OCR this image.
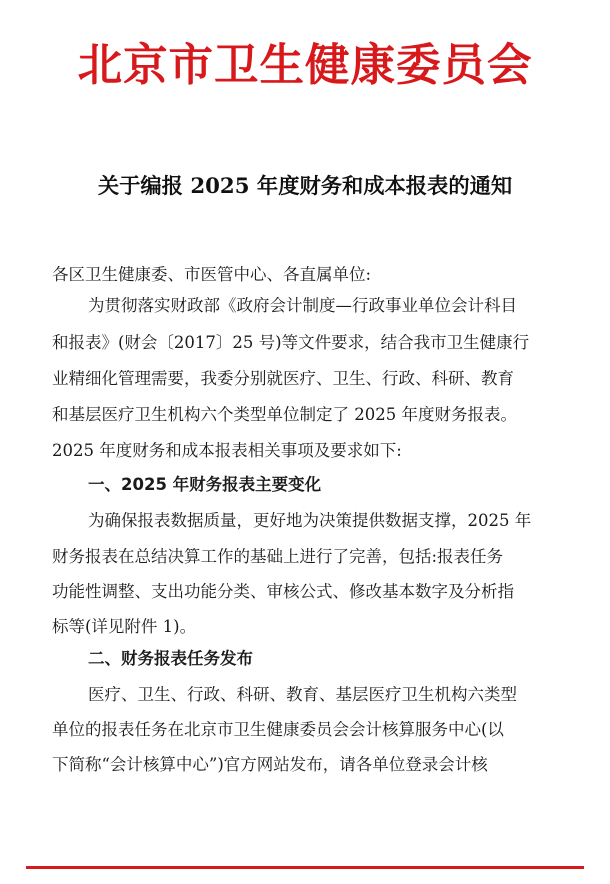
北京市卫生健康委员会
关于编报 2025 年度财务和成本报表的通知
各区卫生健康委、市医管中心、各直属单位:
为贯彻落实财政部《政府会计制度—行政事业单位会计科目
和报表》(财会〔2017〕25 号)等文件要求，结合我市卫生健康行
业精细化管理需要，我委分别就医疗、卫生、行政、科研、教育
和基层医疗卫生机构六个类型单位制定了 2025 年度财务报表。
2025 年度财务和成本报表相关事项及要求如下:
一、2025 年财务报表主要变化
为确保报表数据质量，更好地为决策提供数据支撑，2025 年
财务报表在总结决算工作的基础上进行了完善，包括:报表任务
功能性调整、支出功能分类、审核公式、修改基本数字及分析指
标等(详见附件 1)。
二、财务报表任务发布
医疗、卫生、行政、科研、教育、基层医疗卫生机构六类型
单位的报表任务在北京市卫生健康委员会会计核算服务中心(以
下简称“会计核算中心”)官方网站发布，请各单位登录会计核
